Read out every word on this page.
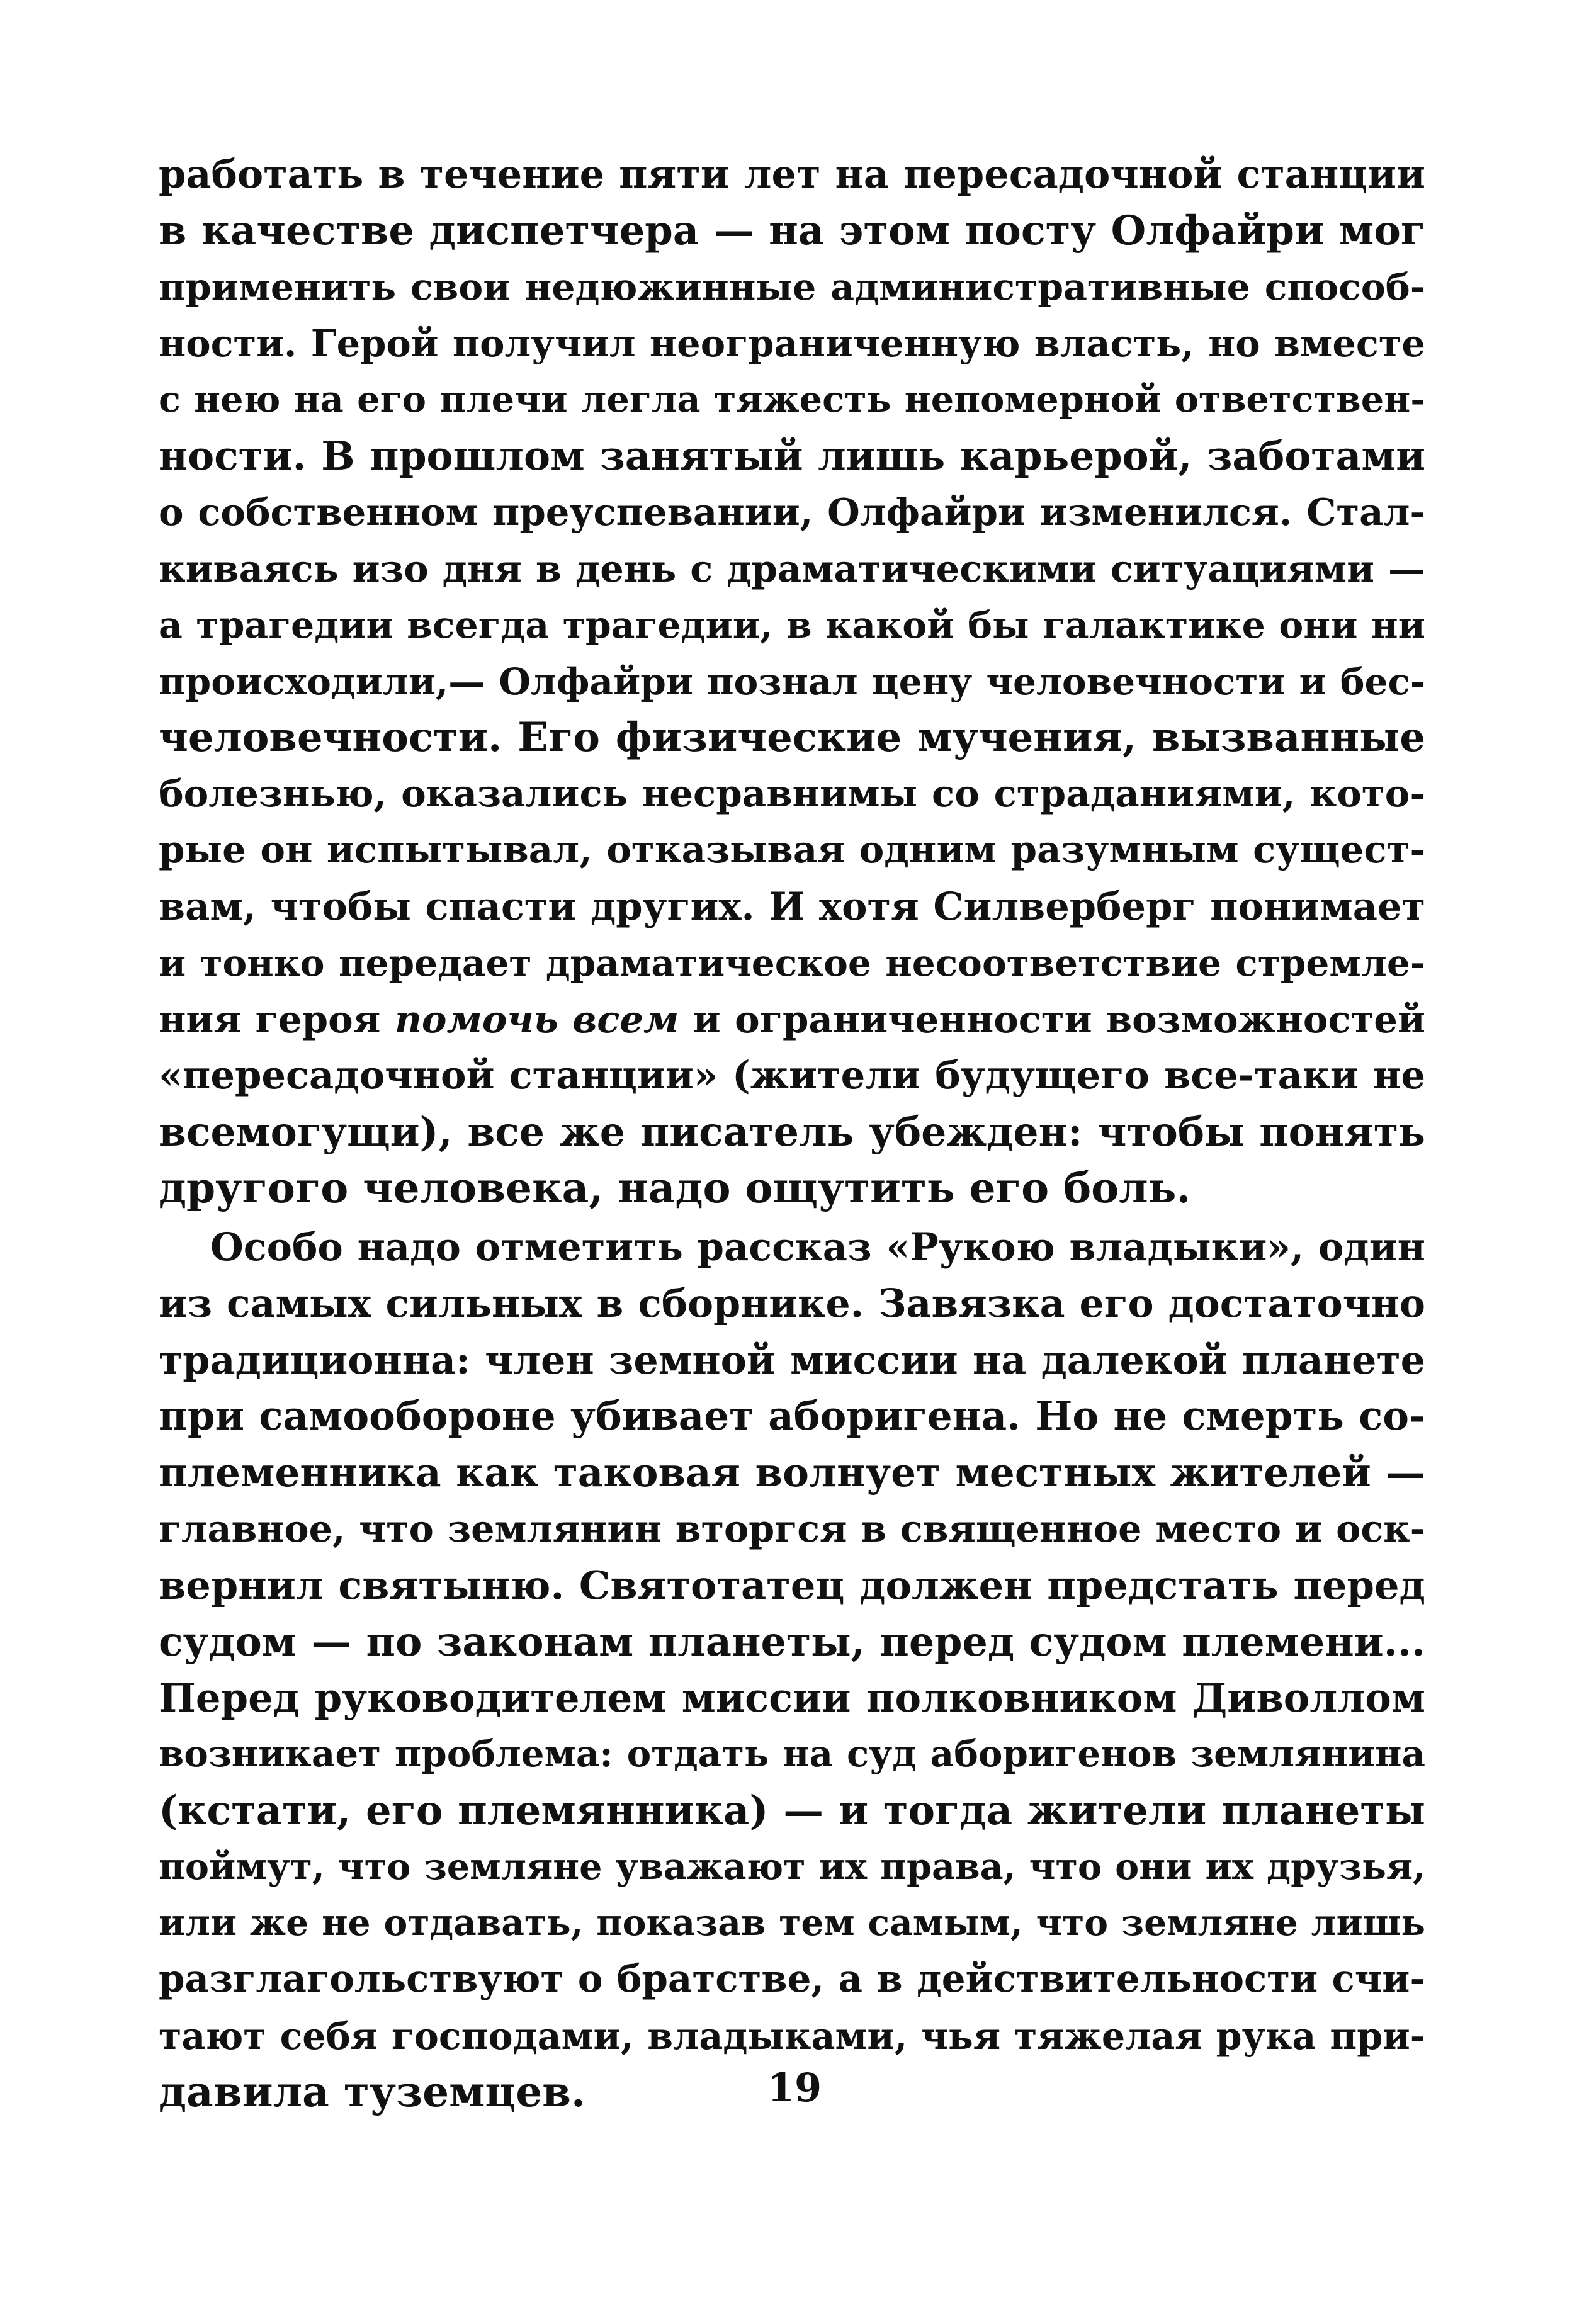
работать в течение пяти лет на пересадочной станции
в качестве диспетчера — на этом посту Олфайри мог
применить свои недюжинные административные способ-
ности. Герой получил неограниченную власть, но вместе
с нею на его плечи легла тяжесть непомерной ответствен-
ности. В прошлом занятый лишь карьерой, заботами
о собственном преуспевании, Олфайри изменился. Стал-
киваясь изо дня в день с драматическими ситуациями —
а трагедии всегда трагедии, в какой бы галактике они ни
происходили,— Олфайри познал цену человечности и бес-
человечности. Его физические мучения, вызванные
болезнью, оказались несравнимы со страданиями, кото-
рые он испытывал, отказывая одним разумным сущест-
вам, чтобы спасти других. И хотя Силверберг понимает
и тонко передает драматическое несоответствие стремле-
ния героя помочь всем и ограниченности возможностей
«пересадочной станции» (жители будущего все-таки не
всемогущи), все же писатель убежден: чтобы понять
другого человека, надо ощутить его боль.
Особо надо отметить рассказ «Рукою владыки», один
из самых сильных в сборнике. Завязка его достаточно
традиционна: член земной миссии на далекой планете
при самообороне убивает аборигена. Но не смерть со-
племенника как таковая волнует местных жителей —
главное, что землянин вторгся в священное место и оск-
вернил святыню. Святотатец должен предстать перед
судом — по законам планеты, перед судом племени...
Перед руководителем миссии полковником Диволлом
возникает проблема: отдать на суд аборигенов землянина
(кстати, его племянника) — и тогда жители планеты
поймут, что земляне уважают их права, что они их друзья,
или же не отдавать, показав тем самым, что земляне лишь
разглагольствуют о братстве, а в действительности счи-
тают себя господами, владыками, чья тяжелая рука при-
давила туземцев.	19
